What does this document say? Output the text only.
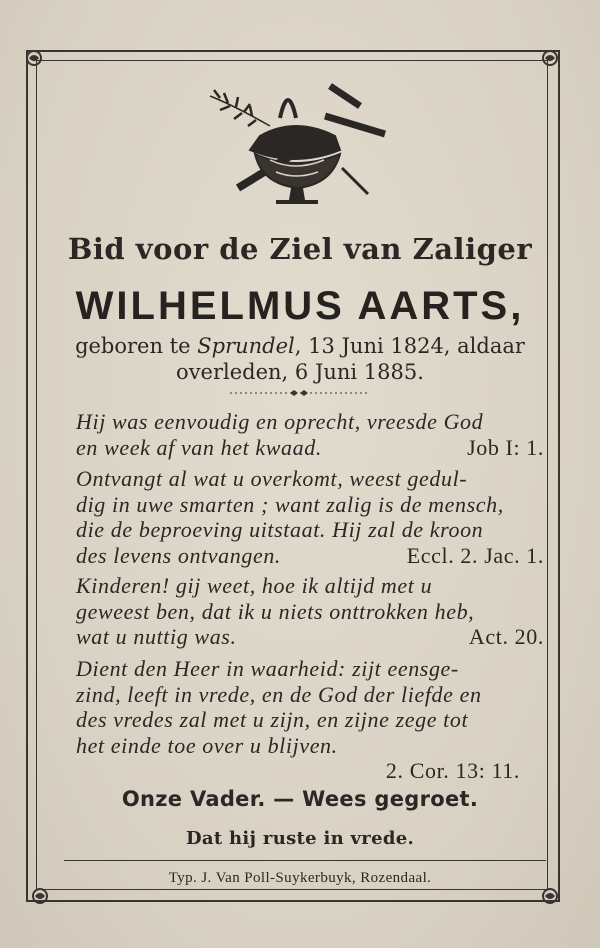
Bid voor de Ziel van Zaliger
WILHELMUS AARTS,
geboren te Sprundel, 13 Juni 1824, aldaar
overleden, 6 Juni 1885.
Hij was eenvoudig en oprecht, vreesde God
en week af van het kwaad.	Job I: 1.
Ontvangt al wat u overkomt, weest gedul-
dig in uwe smarten ; want zalig is de mensch,
die de beproeving uitstaat. Hij zal de kroon
des levens ontvangen.	Eccl. 2. Jac. 1.
Kinderen! gij weet, hoe ik altijd met u
geweest ben, dat ik u niets onttrokken heb,
wat u nuttig was.	Act. 20.
Dient den Heer in waarheid: zijt eensge-
zind, leeft in vrede, en de God der liefde en
des vredes zal met u zijn, en zijne zege tot
het einde toe over u blijven.
2. Cor. 13: 11.
Onze Vader. — Wees gegroet.
Dat hij ruste in vrede.
Typ. J. Van Poll-Suykerbuyk, Rozendaal.
